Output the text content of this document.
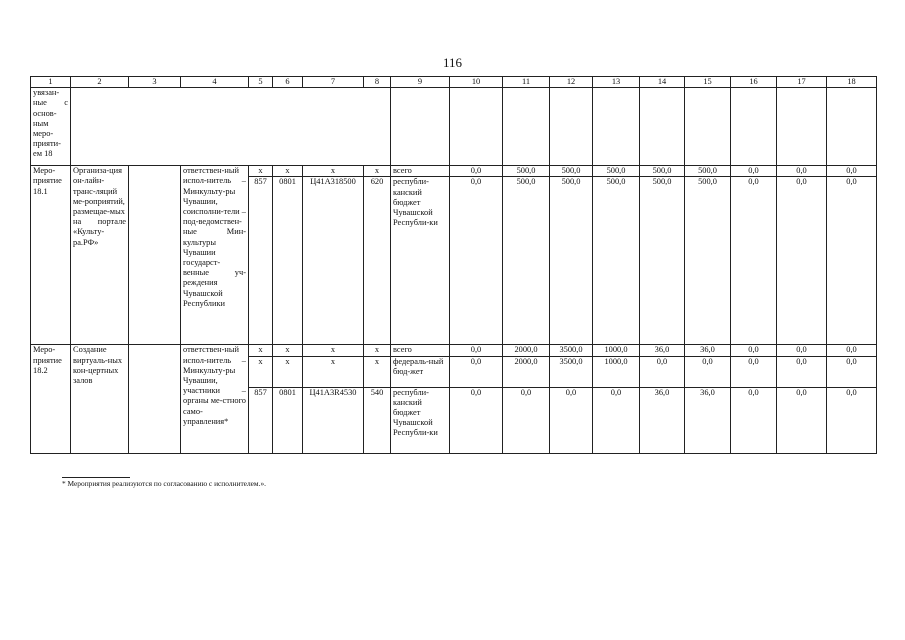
116
1	2	3	4	5	6	7	8	9	10	11	12	13	14	15	16	17	18
увязан-ные с основ-ным меро-прияти-ем 18																	
Меро-приятие 18.1	Организа-ция он-лайн-транс-ляций ме-роприятий, размещае-мых на портале «Культу-ра.РФ»		ответствен-ный испол-нитель – Минкульту-ры Чувашии, соисполни-тели – под-ведомствен-ные Мин-культуры Чувашии государст-венные уч-реждения Чувашской Республики	x	x	x	x	всего	0,0	500,0	500,0	500,0	500,0	500,0	0,0	0,0	0,0
				857	0801	Ц41А318500	620	республи-канский бюджет Чувашской Республи-ки	0,0	500,0	500,0	500,0	500,0	500,0	0,0	0,0	0,0
Меро-приятие 18.2	Создание виртуаль-ных кон-цертных залов		ответствен-ный испол-нитель – Минкульту-ры Чувашии, участники – органы ме-стного само-управления*	x	x	x	x	всего	0,0	2000,0	3500,0	1000,0	36,0	36,0	0,0	0,0	0,0
				x	x	x	x	федераль-ный бюд-жет	0,0	2000,0	3500,0	1000,0	0,0	0,0	0,0	0,0	0,0
				857	0801	Ц41А3R4530	540	республи-канский бюджет Чувашской Республи-ки	0,0	0,0	0,0	0,0	36,0	36,0	0,0	0,0	0,0
* Мероприятия реализуются по согласованию с исполнителем.».
